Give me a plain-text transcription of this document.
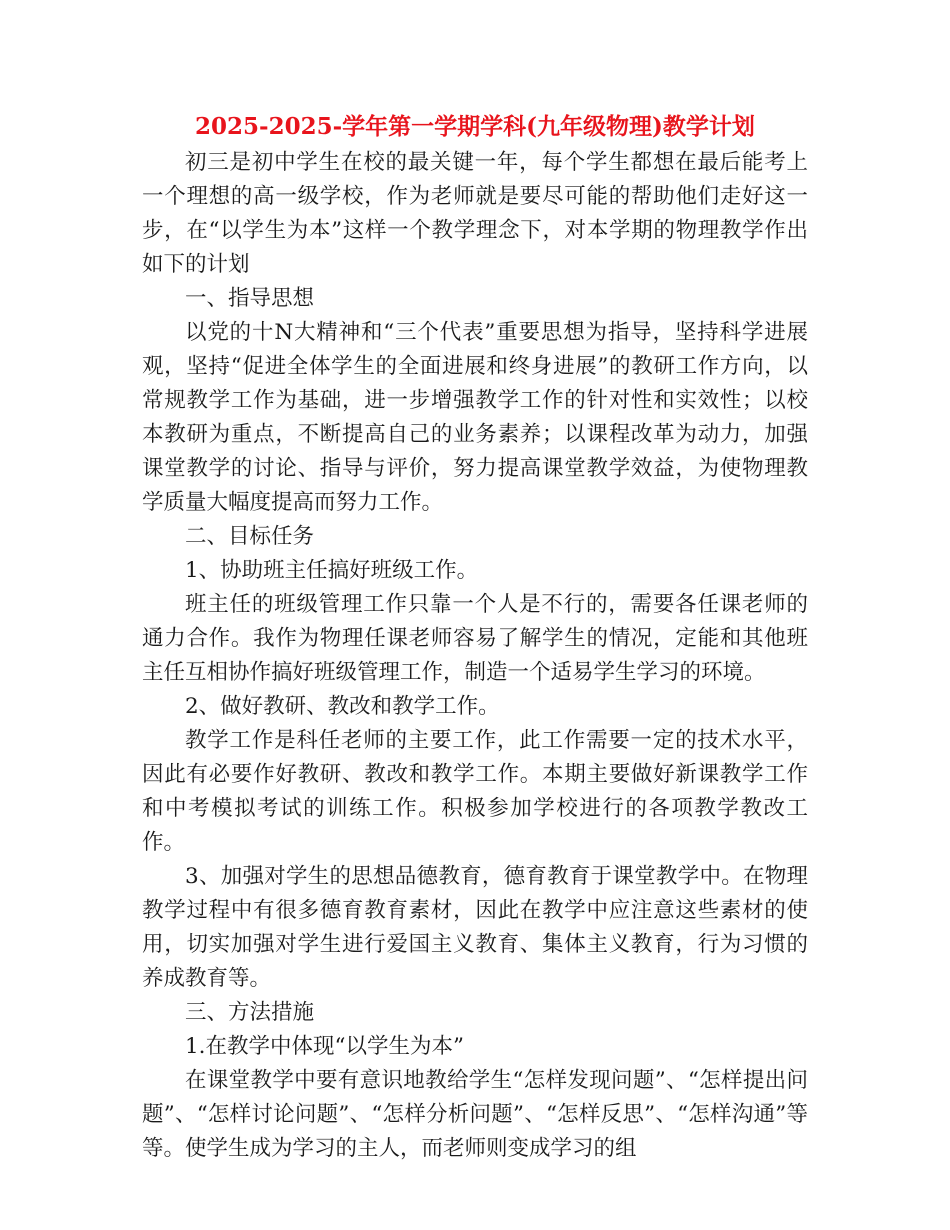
2025-2025-学年第一学期学科(九年级物理)教学计划

初三是初中学生在校的最关键一年，每个学生都想在最后能考上一个理想的高一级学校，作为老师就是要尽可能的帮助他们走好这一步，在“以学生为本”这样一个教学理念下，对本学期的物理教学作出如下的计划

一、指导思想

以党的十N大精神和“三个代表”重要思想为指导，坚持科学进展观，坚持“促进全体学生的全面进展和终身进展”的教研工作方向，以常规教学工作为基础，进一步增强教学工作的针对性和实效性；以校本教研为重点，不断提高自己的业务素养；以课程改革为动力，加强课堂教学的讨论、指导与评价，努力提高课堂教学效益，为使物理教学质量大幅度提高而努力工作。

二、目标任务

1、协助班主任搞好班级工作。

班主任的班级管理工作只靠一个人是不行的，需要各任课老师的通力合作。我作为物理任课老师容易了解学生的情况，定能和其他班主任互相协作搞好班级管理工作，制造一个适易学生学习的环境。

2、做好教研、教改和教学工作。

教学工作是科任老师的主要工作，此工作需要一定的技术水平，因此有必要作好教研、教改和教学工作。本期主要做好新课教学工作和中考模拟考试的训练工作。积极参加学校进行的各项教学教改工作。

3、加强对学生的思想品德教育，德育教育于课堂教学中。在物理教学过程中有很多德育教育素材，因此在教学中应注意这些素材的使用，切实加强对学生进行爱国主义教育、集体主义教育，行为习惯的养成教育等。

三、方法措施

1.在教学中体现“以学生为本”

在课堂教学中要有意识地教给学生“怎样发现问题”、“怎样提出问题”、“怎样讨论问题”、“怎样分析问题”、“怎样反思”、“怎样沟通”等等。使学生成为学习的主人，而老师则变成学习的组
